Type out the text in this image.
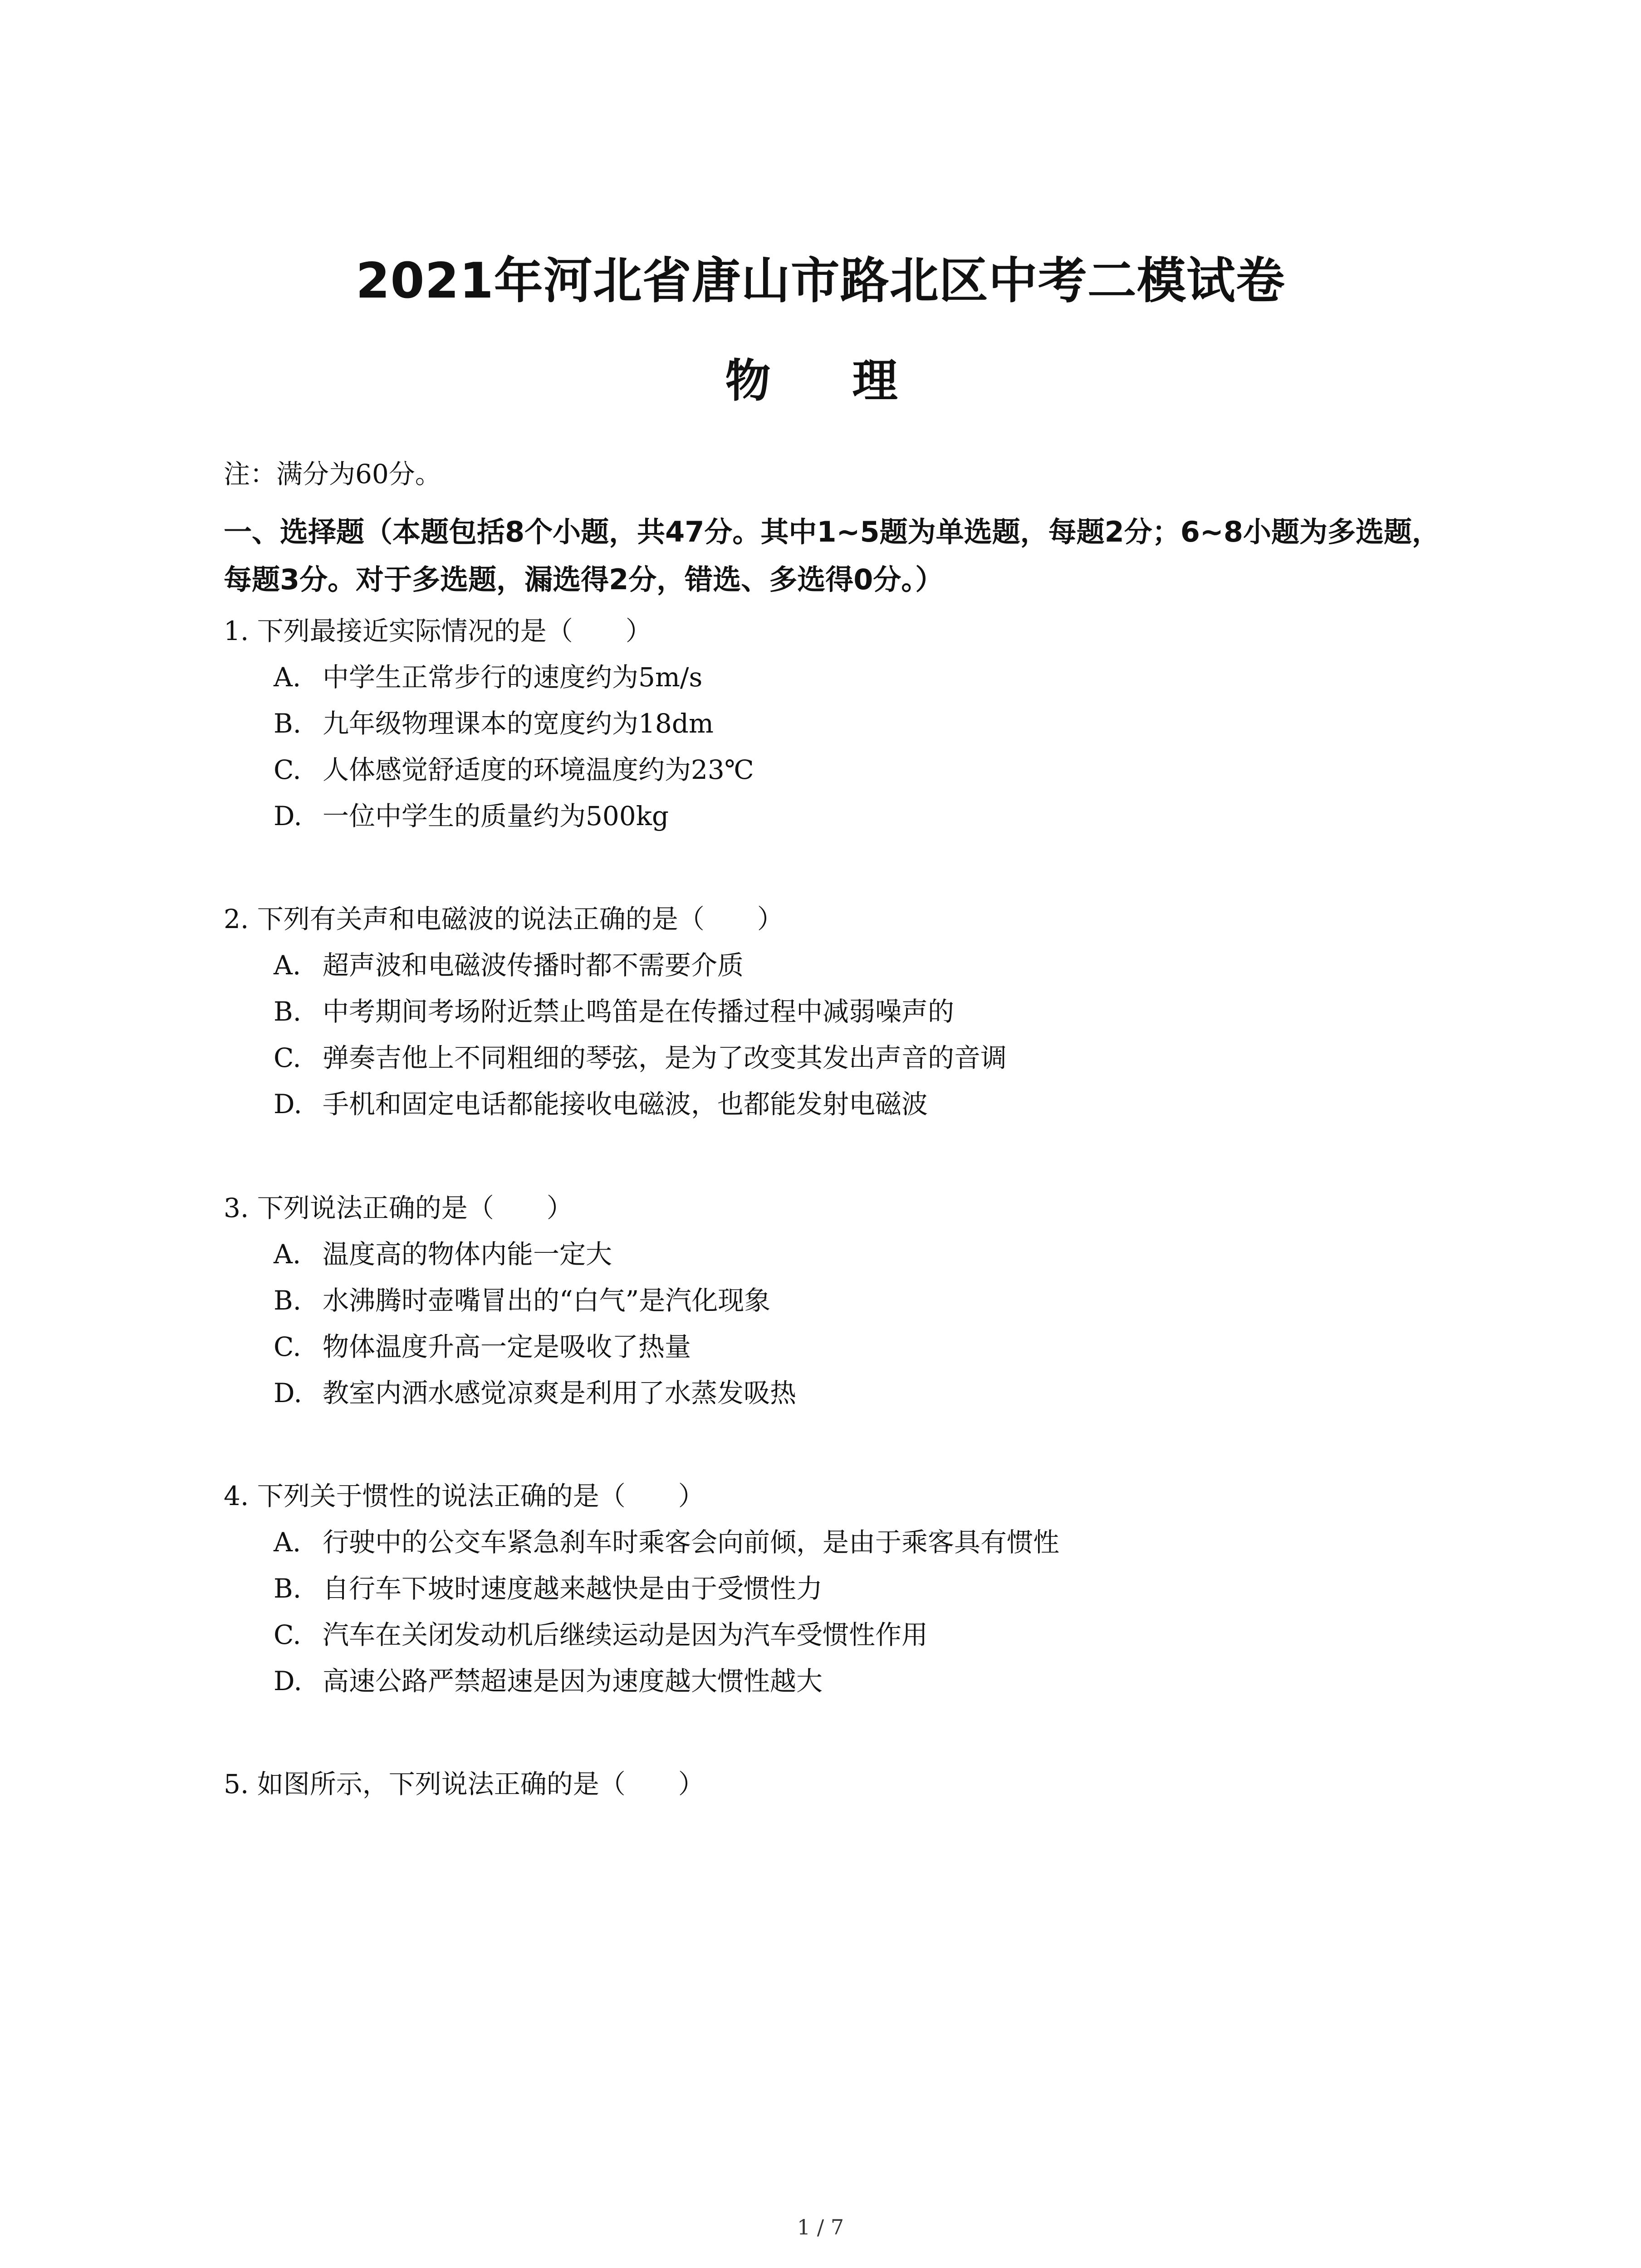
2021年河北省唐山市路北区中考二模试卷
物　理
注：满分为60分。
一、选择题（本题包括8个小题，共47分。其中1~5题为单选题，每题2分；6~8小题为多选题，每题3分。对于多选题，漏选得2分，错选、多选得0分。）
1. 下列最接近实际情况的是（　　）
A. 中学生正常步行的速度约为5m/s
B. 九年级物理课本的宽度约为18dm
C. 人体感觉舒适度的环境温度约为23℃
D. 一位中学生的质量约为500kg
2. 下列有关声和电磁波的说法正确的是（　　）
A. 超声波和电磁波传播时都不需要介质
B. 中考期间考场附近禁止鸣笛是在传播过程中减弱噪声的
C. 弹奏吉他上不同粗细的琴弦，是为了改变其发出声音的音调
D. 手机和固定电话都能接收电磁波，也都能发射电磁波
3. 下列说法正确的是（　　）
A. 温度高的物体内能一定大
B. 水沸腾时壶嘴冒出的“白气”是汽化现象
C. 物体温度升高一定是吸收了热量
D. 教室内洒水感觉凉爽是利用了水蒸发吸热
4. 下列关于惯性的说法正确的是（　　）
A. 行驶中的公交车紧急刹车时乘客会向前倾，是由于乘客具有惯性
B. 自行车下坡时速度越来越快是由于受惯性力
C. 汽车在关闭发动机后继续运动是因为汽车受惯性作用
D. 高速公路严禁超速是因为速度越大惯性越大
5. 如图所示，下列说法正确的是（　　）
1 / 7
